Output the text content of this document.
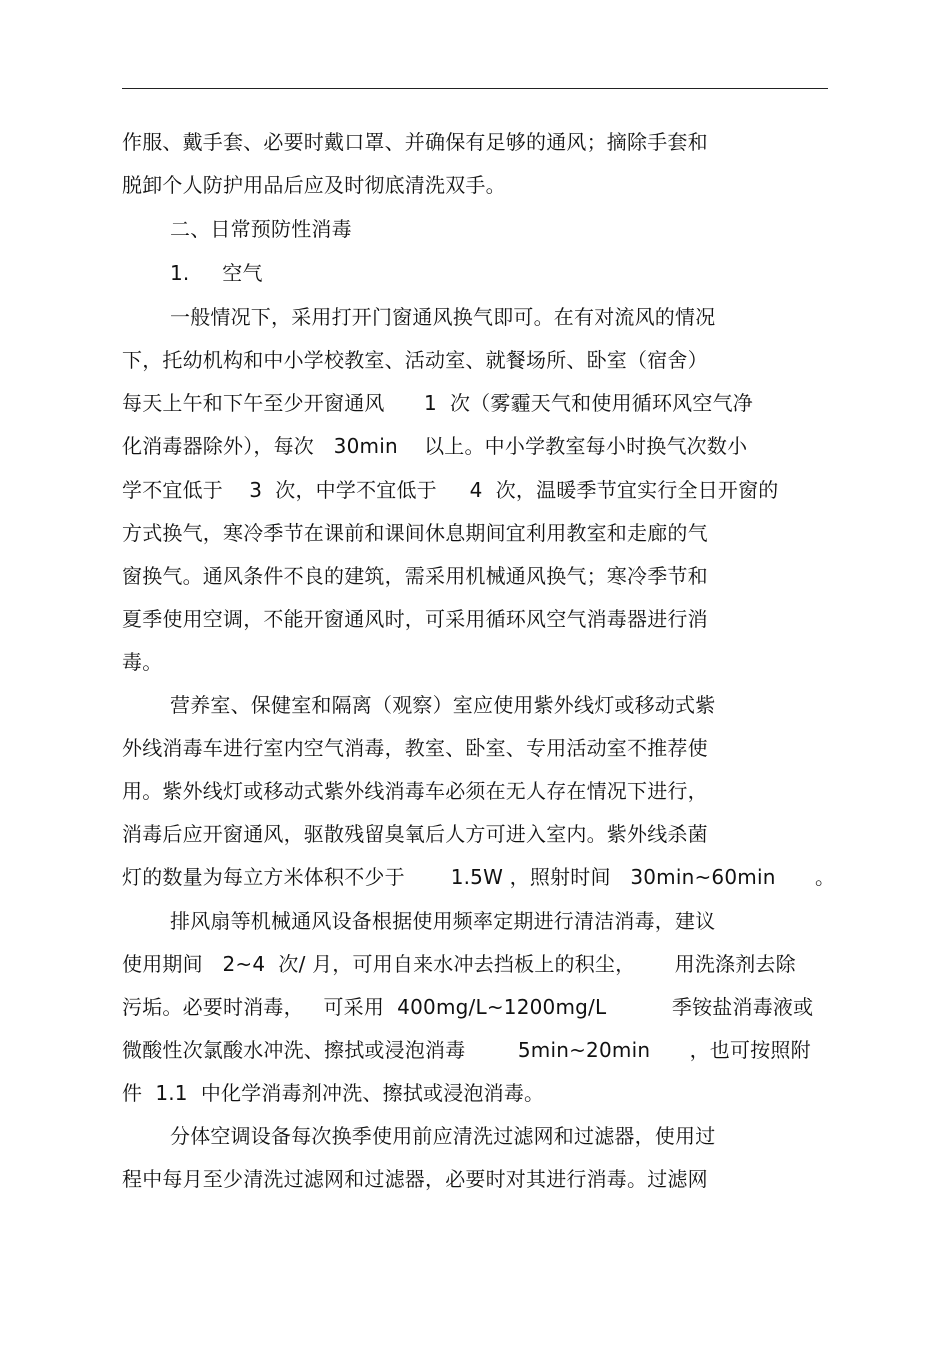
作服、戴手套、必要时戴口罩、并确保有足够的通风；摘除手套和
脱卸个人防护用品后应及时彻底清洗双手。
二、日常预防性消毒
1.     空气
一般情况下，采用打开门窗通风换气即可。在有对流风的情况
下，托幼机构和中小学校教室、活动室、就餐场所、卧室（宿舍）
每天上午和下午至少开窗通风      1  次（雾霾天气和使用循环风空气净
化消毒器除外），每次   30min    以上。中小学教室每小时换气次数小
学不宜低于    3  次，中学不宜低于     4  次，温暖季节宜实行全日开窗的
方式换气，寒冷季节在课前和课间休息期间宜利用教室和走廊的气
窗换气。通风条件不良的建筑，需采用机械通风换气；寒冷季节和
夏季使用空调，不能开窗通风时，可采用循环风空气消毒器进行消
毒。
营养室、保健室和隔离（观察）室应使用紫外线灯或移动式紫
外线消毒车进行室内空气消毒，教室、卧室、专用活动室不推荐使
用。紫外线灯或移动式紫外线消毒车必须在无人存在情况下进行，
消毒后应开窗通风，驱散残留臭氧后人方可进入室内。紫外线杀菌
灯的数量为每立方米体积不少于       1.5W ，照射时间   30min~60min      。
排风扇等机械通风设备根据使用频率定期进行清洁消毒，建议
使用期间   2~4  次/ 月，可用自来水冲去挡板上的积尘，      用洗涤剂去除
污垢。必要时消毒，   可采用  400mg/L~1200mg/L          季铵盐消毒液或
微酸性次氯酸水冲洗、擦拭或浸泡消毒        5min~20min      ，也可按照附
件  1.1  中化学消毒剂冲洗、擦拭或浸泡消毒。
分体空调设备每次换季使用前应清洗过滤网和过滤器，使用过
程中每月至少清洗过滤网和过滤器，必要时对其进行消毒。过滤网
